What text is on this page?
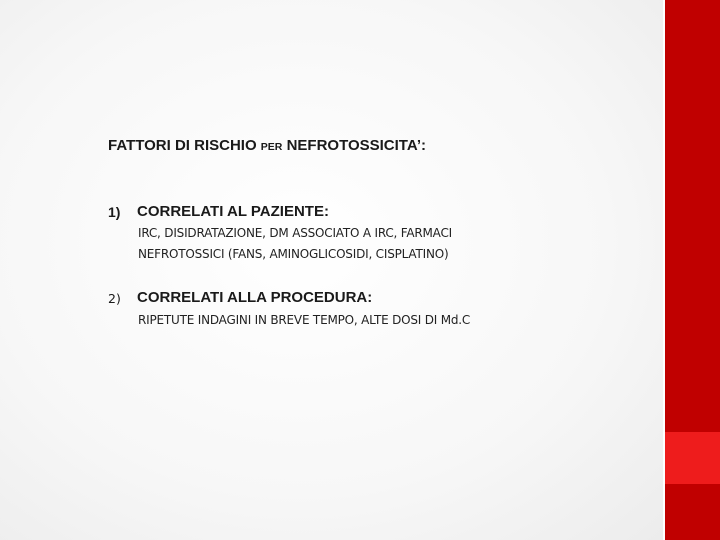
FATTORI DI RISCHIO PER NEFROTOSSICITA’:
1) CORRELATI AL PAZIENTE:
IRC, DISIDRATAZIONE, DM ASSOCIATO A IRC, FARMACI
NEFROTOSSICI (FANS, AMINOGLICOSIDI, CISPLATINO)
2) CORRELATI ALLA PROCEDURA:
RIPETUTE INDAGINI IN BREVE TEMPO, ALTE DOSI DI Md.C
